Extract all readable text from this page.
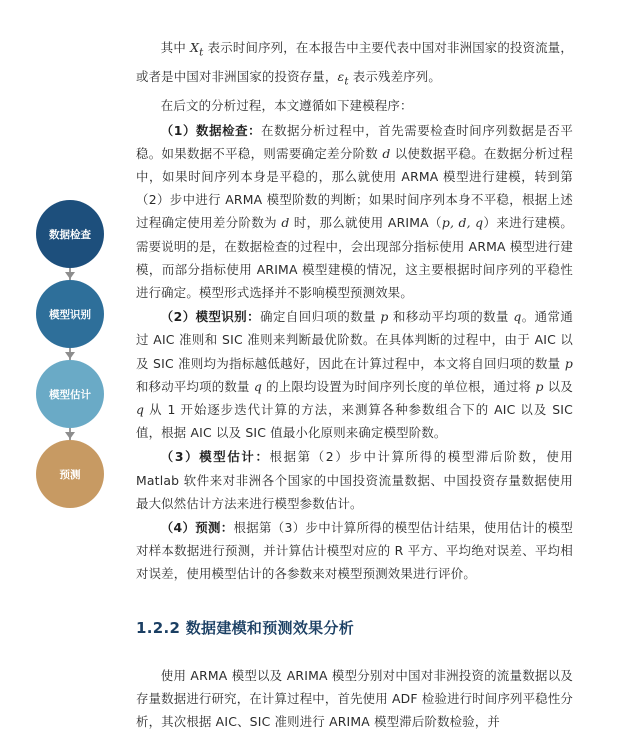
数据检查
模型识别
模型估计
预测

其中 $X_t$ 表示时间序列，在本报告中主要代表中国对非洲国家的投资流量，或者是中国对非洲国家的投资存量，$\varepsilon_t$ 表示残差序列。

在后文的分析过程，本文遵循如下建模程序：

（1）数据检查：在数据分析过程中，首先需要检查时间序列数据是否平稳。如果数据不平稳，则需要确定差分阶数 d 以使数据平稳。在数据分析过程中，如果时间序列本身是平稳的，那么就使用 ARMA 模型进行建模，转到第（2）步中进行 ARMA 模型阶数的判断；如果时间序列本身不平稳，根据上述过程确定使用差分阶数为 d 时，那么就使用 ARIMA（p, d, q）来进行建模。需要说明的是，在数据检查的过程中，会出现部分指标使用 ARMA 模型进行建模，而部分指标使用 ARIMA 模型建模的情况，这主要根据时间序列的平稳性进行确定。模型形式选择并不影响模型预测效果。

（2）模型识别：确定自回归项的数量 p 和移动平均项的数量 q。通常通过 AIC 准则和 SIC 准则来判断最优阶数。在具体判断的过程中，由于 AIC 以及 SIC 准则均为指标越低越好，因此在计算过程中，本文将自回归项的数量 p 和移动平均项的数量 q 的上限均设置为时间序列长度的单位根，通过将 p 以及 q 从 1 开始逐步迭代计算的方法，来测算各种参数组合下的 AIC 以及 SIC 值，根据 AIC 以及 SIC 值最小化原则来确定模型阶数。

（3）模型估计：根据第（2）步中计算所得的模型滞后阶数，使用 Matlab 软件来对非洲各个国家的中国投资流量数据、中国投资存量数据使用最大似然估计方法来进行模型参数估计。

（4）预测：根据第（3）步中计算所得的模型估计结果，使用估计的模型对样本数据进行预测，并计算估计模型对应的 R 平方、平均绝对误差、平均相对误差，使用模型估计的各参数来对模型预测效果进行评价。

1.2.2 数据建模和预测效果分析

使用 ARMA 模型以及 ARIMA 模型分别对中国对非洲投资的流量数据以及存量数据进行研究，在计算过程中，首先使用 ADF 检验进行时间序列平稳性分析，其次根据 AIC、SIC 准则进行 ARIMA 模型滞后阶数检验，并
